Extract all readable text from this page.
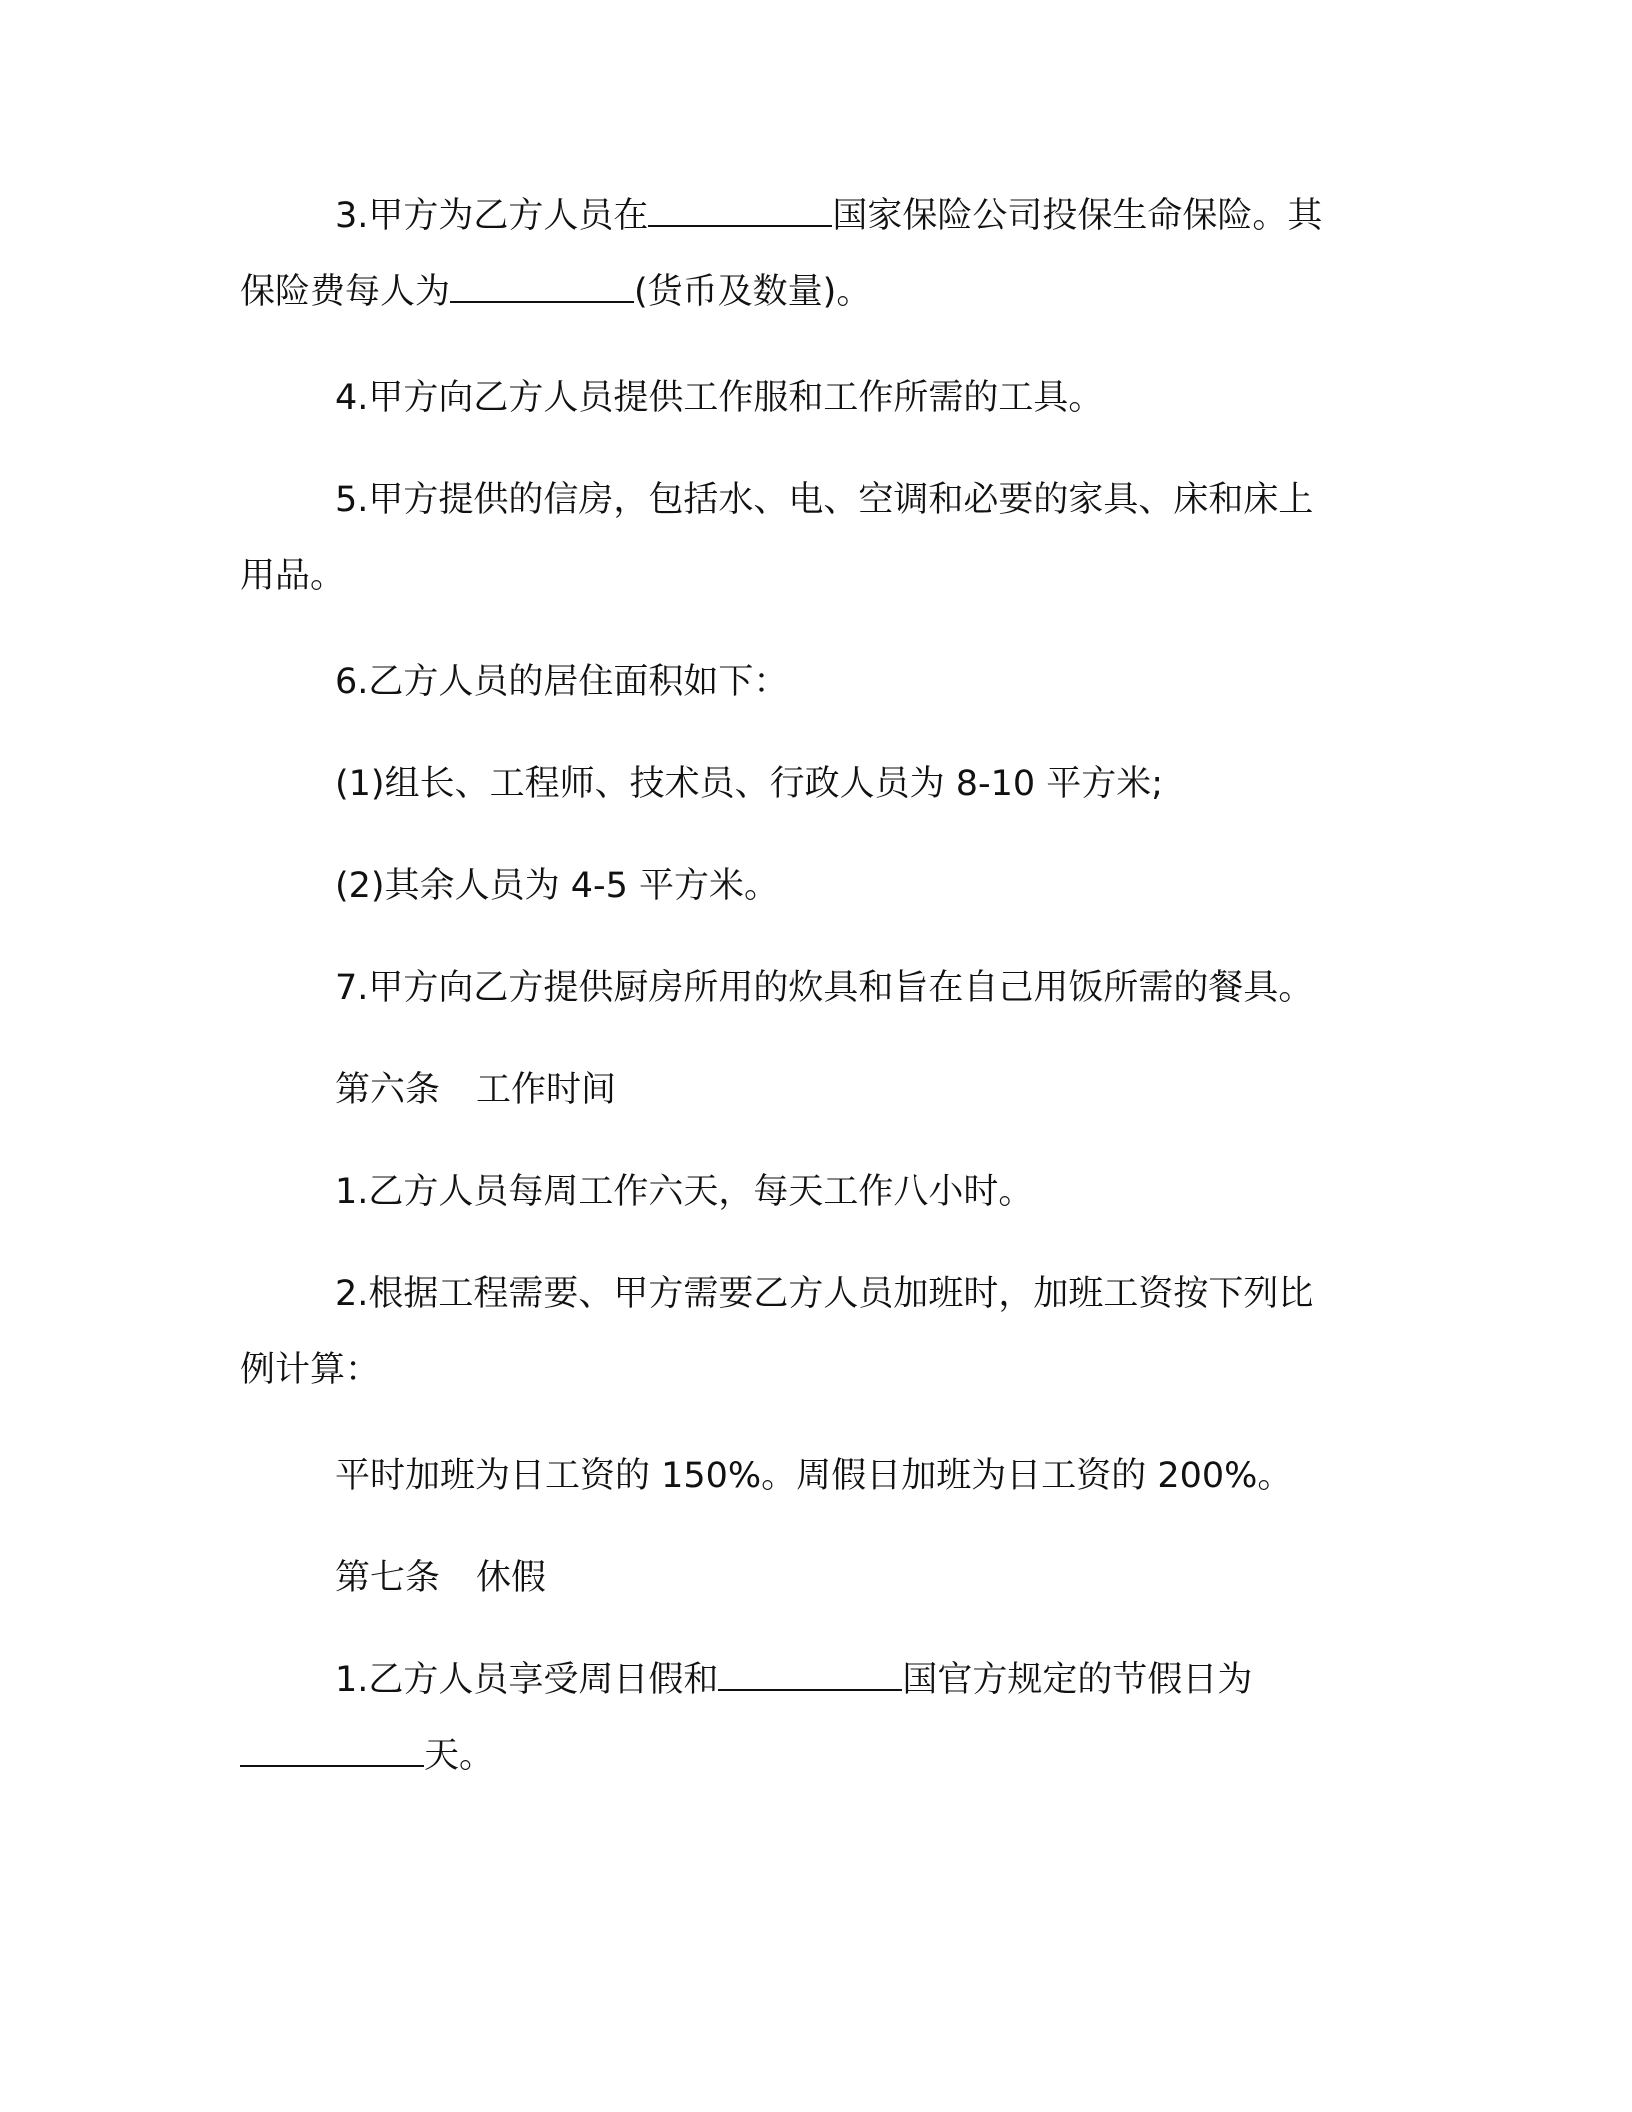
3.甲方为乙方人员在	国家保险公司投保生命保险。其
保险费每人为	(货币及数量)。
4.甲方向乙方人员提供工作服和工作所需的工具。
5.甲方提供的信房，包括水、电、空调和必要的家具、床和床上
用品。
6.乙方人员的居住面积如下：
(1)组长、工程师、技术员、行政人员为 8-10 平方米;
(2)其余人员为 4-5 平方米。
7.甲方向乙方提供厨房所用的炊具和旨在自己用饭所需的餐具。
第六条 工作时间
1.乙方人员每周工作六天，每天工作八小时。
2.根据工程需要、甲方需要乙方人员加班时，加班工资按下列比
例计算：
平时加班为日工资的 150%。周假日加班为日工资的 200%。
第七条 休假
1.乙方人员享受周日假和	国官方规定的节假日为
天。
